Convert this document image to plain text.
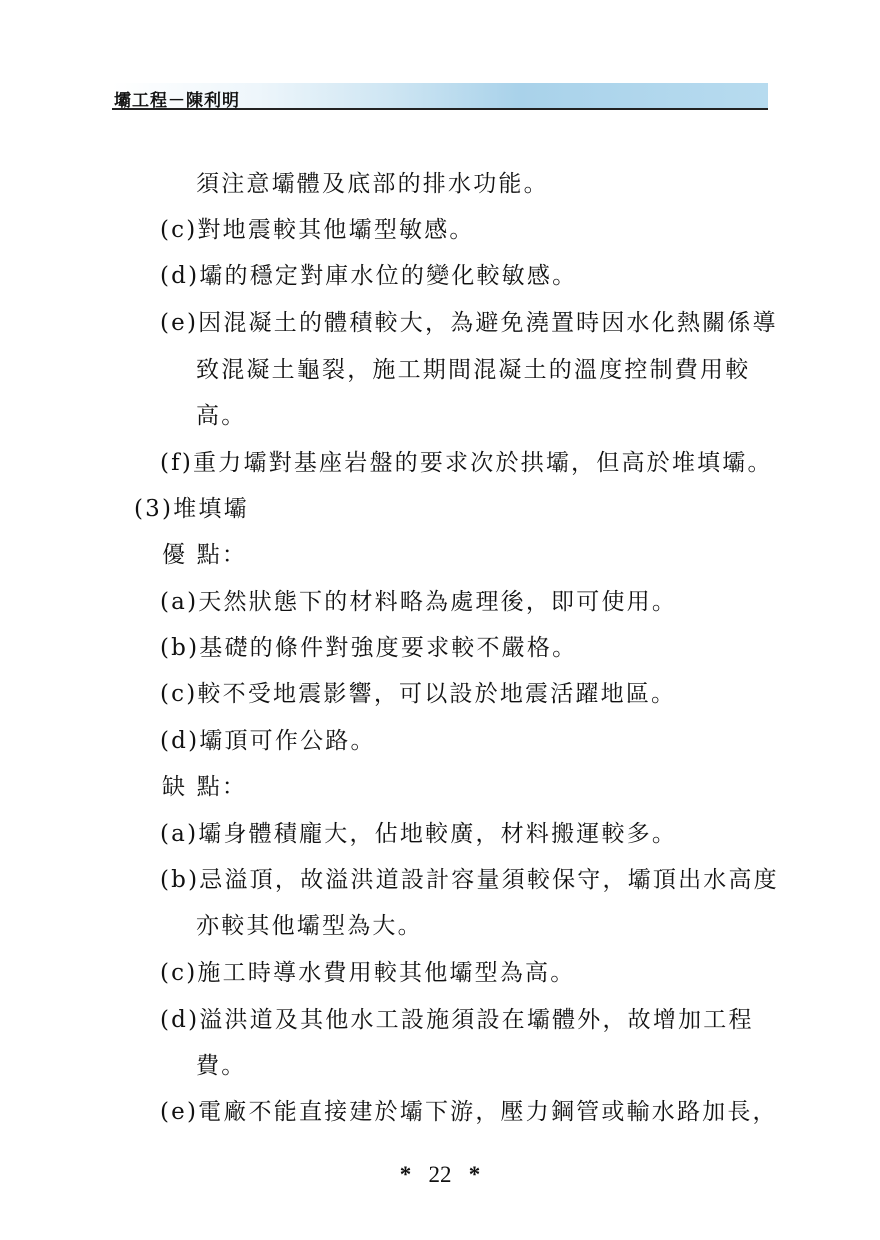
壩工程－陳利明
須注意壩體及底部的排水功能。
(c)對地震較其他壩型敏感。
(d)壩的穩定對庫水位的變化較敏感。
(e)因混凝土的體積較大，為避免澆置時因水化熱關係導
致混凝土龜裂，施工期間混凝土的溫度控制費用較
高。
(f)重力壩對基座岩盤的要求次於拱壩，但高於堆填壩。
(3)堆填壩
優 點：
(a)天然狀態下的材料略為處理後，即可使用。
(b)基礎的條件對強度要求較不嚴格。
(c)較不受地震影響，可以設於地震活躍地區。
(d)壩頂可作公路。
缺 點：
(a)壩身體積龐大，佔地較廣，材料搬運較多。
(b)忌溢頂，故溢洪道設計容量須較保守，壩頂出水高度
亦較其他壩型為大。
(c)施工時導水費用較其他壩型為高。
(d)溢洪道及其他水工設施須設在壩體外，故增加工程
費。
(e)電廠不能直接建於壩下游，壓力鋼管或輸水路加長，
* 22 *
